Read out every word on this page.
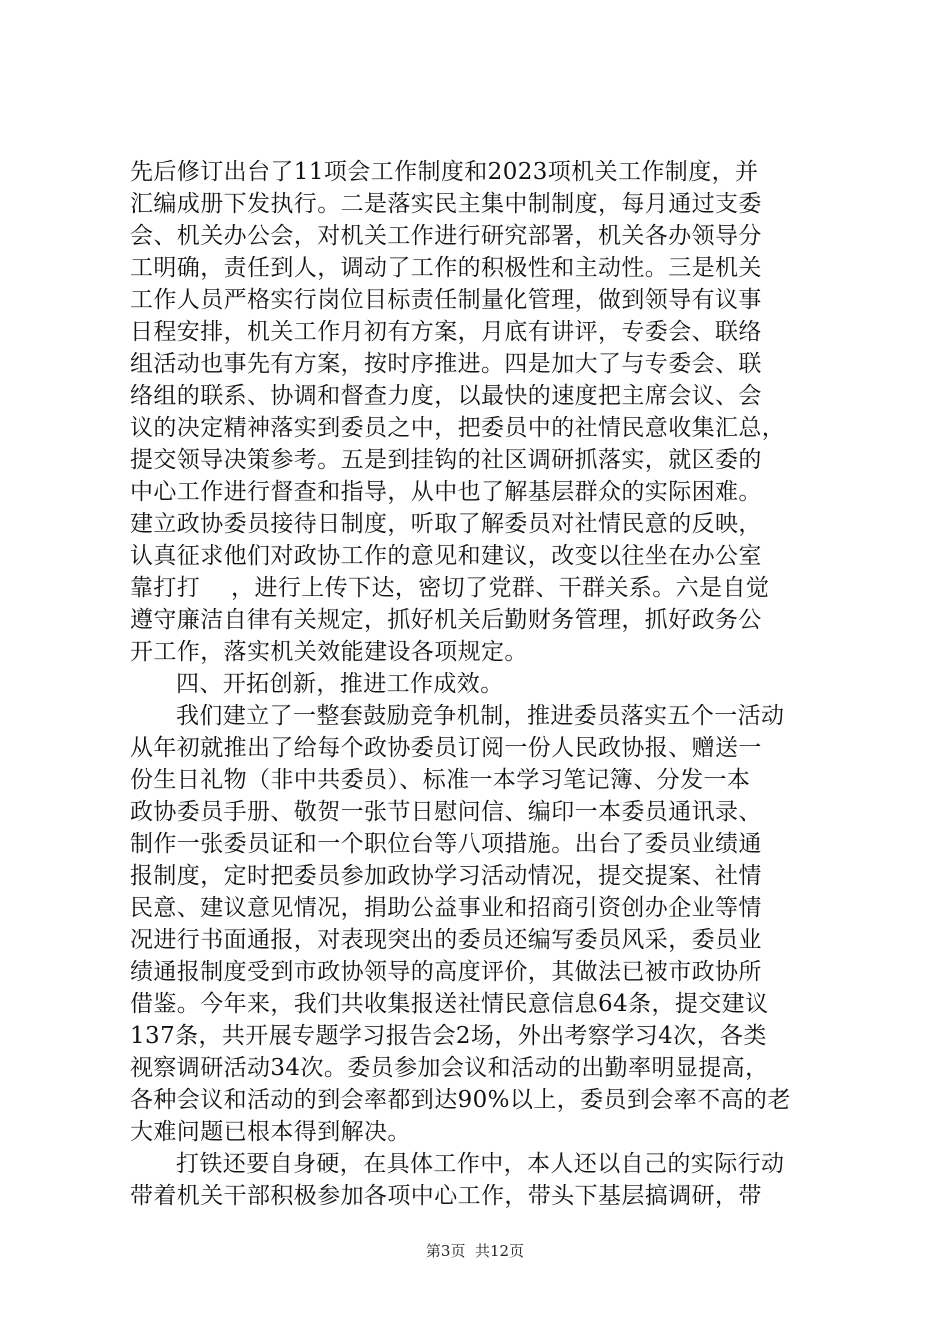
先后修订出台了11项会工作制度和2023项机关工作制度，并
汇编成册下发执行。二是落实民主集中制制度，每月通过支委
会、机关办公会，对机关工作进行研究部署，机关各办领导分
工明确，责任到人，调动了工作的积极性和主动性。三是机关
工作人员严格实行岗位目标责任制量化管理，做到领导有议事
日程安排，机关工作月初有方案，月底有讲评，专委会、联络
组活动也事先有方案，按时序推进。四是加大了与专委会、联
络组的联系、协调和督查力度，以最快的速度把主席会议、会
议的决定精神落实到委员之中，把委员中的社情民意收集汇总，
提交领导决策参考。五是到挂钩的社区调研抓落实，就区委的
中心工作进行督查和指导，从中也了解基层群众的实际困难。
建立政协委员接待日制度，听取了解委员对社情民意的反映，
认真征求他们对政协工作的意见和建议，改变以往坐在办公室
靠打打    ，进行上传下达，密切了党群、干群关系。六是自觉
遵守廉洁自律有关规定，抓好机关后勤财务管理，抓好政务公
开工作，落实机关效能建设各项规定。
四、开拓创新，推进工作成效。
我们建立了一整套鼓励竞争机制，推进委员落实五个一活动
从年初就推出了给每个政协委员订阅一份人民政协报、赠送一
份生日礼物（非中共委员）、标准一本学习笔记簿、分发一本
政协委员手册、敬贺一张节日慰问信、编印一本委员通讯录、
制作一张委员证和一个职位台等八项措施。出台了委员业绩通
报制度，定时把委员参加政协学习活动情况，提交提案、社情
民意、建议意见情况，捐助公益事业和招商引资创办企业等情
况进行书面通报，对表现突出的委员还编写委员风采，委员业
绩通报制度受到市政协领导的高度评价，其做法已被市政协所
借鉴。今年来，我们共收集报送社情民意信息64条，提交建议
137条，共开展专题学习报告会2场，外出考察学习4次，各类
视察调研活动34次。委员参加会议和活动的出勤率明显提高，
各种会议和活动的到会率都到达90%以上，委员到会率不高的老
大难问题已根本得到解决。
打铁还要自身硬，在具体工作中，本人还以自己的实际行动
带着机关干部积极参加各项中心工作，带头下基层搞调研，带
第3页  共12页
